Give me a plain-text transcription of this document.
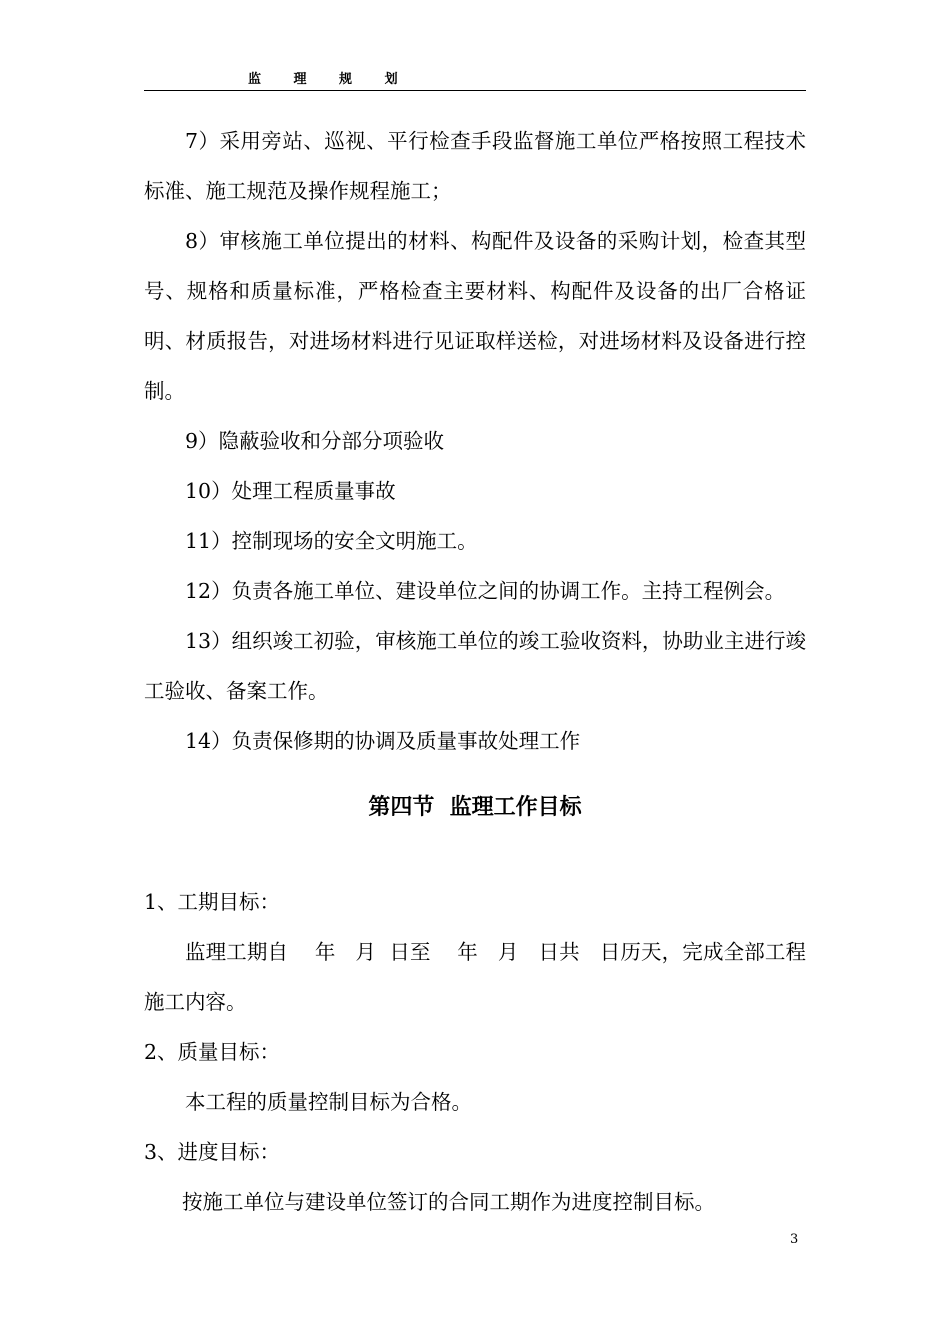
监 理 规 划

7）采用旁站、巡视、平行检查手段监督施工单位严格按照工程技术标准、施工规范及操作规程施工；

8）审核施工单位提出的材料、构配件及设备的采购计划，检查其型号、规格和质量标准，严格检查主要材料、构配件及设备的出厂合格证明、材质报告，对进场材料进行见证取样送检，对进场材料及设备进行控制。

9）隐蔽验收和分部分项验收

10）处理工程质量事故

11）控制现场的安全文明施工。

12）负责各施工单位、建设单位之间的协调工作。主持工程例会。

13）组织竣工初验，审核施工单位的竣工验收资料，协助业主进行竣工验收、备案工作。

14）负责保修期的协调及质量事故处理工作

第四节  监理工作目标

1、工期目标：

监理工期自    年   月  日至    年   月   日共   日历天，完成全部工程施工内容。

2、质量目标：

本工程的质量控制目标为合格。

3、进度目标：

按施工单位与建设单位签订的合同工期作为进度控制目标。

3
